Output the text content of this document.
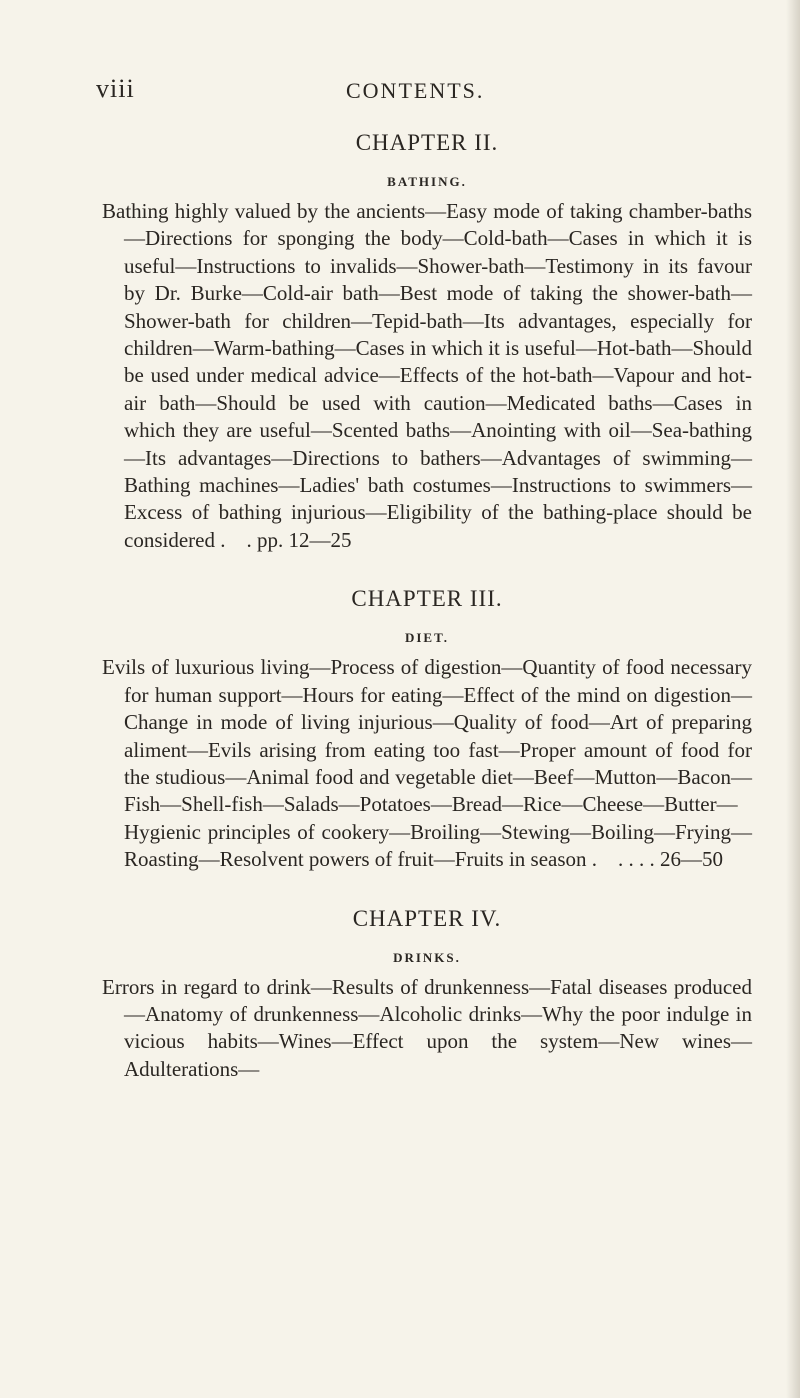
viii	CONTENTS.
CHAPTER II.
BATHING.

Bathing highly valued by the ancients—Easy mode of taking chamber-baths—Directions for sponging the body—Cold-bath—Cases in which it is useful—Instructions to invalids—Shower-bath—Testimony in its favour by Dr. Burke—Cold-air bath—Best mode of taking the shower-bath—Shower-bath for children—Tepid-bath—Its advantages, especially for children—Warm-bathing—Cases in which it is useful—Hot-bath—Should be used under medical advice—Effects of the hot-bath—Vapour and hot-air bath—Should be used with caution—Medicated baths—Cases in which they are useful—Scented baths—Anointing with oil—Sea-bathing—Its advantages—Directions to bathers—Advantages of swimming—Bathing machines—Ladies' bath costumes—Instructions to swimmers—Excess of bathing injurious—Eligibility of the bathing-place should be considered . . pp. 12—25

CHAPTER III.
DIET.

Evils of luxurious living—Process of digestion—Quantity of food necessary for human support—Hours for eating—Effect of the mind on digestion—Change in mode of living injurious—Quality of food—Art of preparing aliment—Evils arising from eating too fast—Proper amount of food for the studious—Animal food and vegetable diet—Beef—Mutton—Bacon—Fish—Shell-fish—Salads—Potatoes—Bread—Rice—Cheese—Butter—Hygienic principles of cookery—Broiling—Stewing—Boiling—Frying—Roasting—Resolvent powers of fruit—Fruits in season . . . . . 26—50

CHAPTER IV.
DRINKS.

Errors in regard to drink—Results of drunkenness—Fatal diseases produced—Anatomy of drunkenness—Alcoholic drinks—Why the poor indulge in vicious habits—Wines—Effect upon the system—New wines—Adulterations—
